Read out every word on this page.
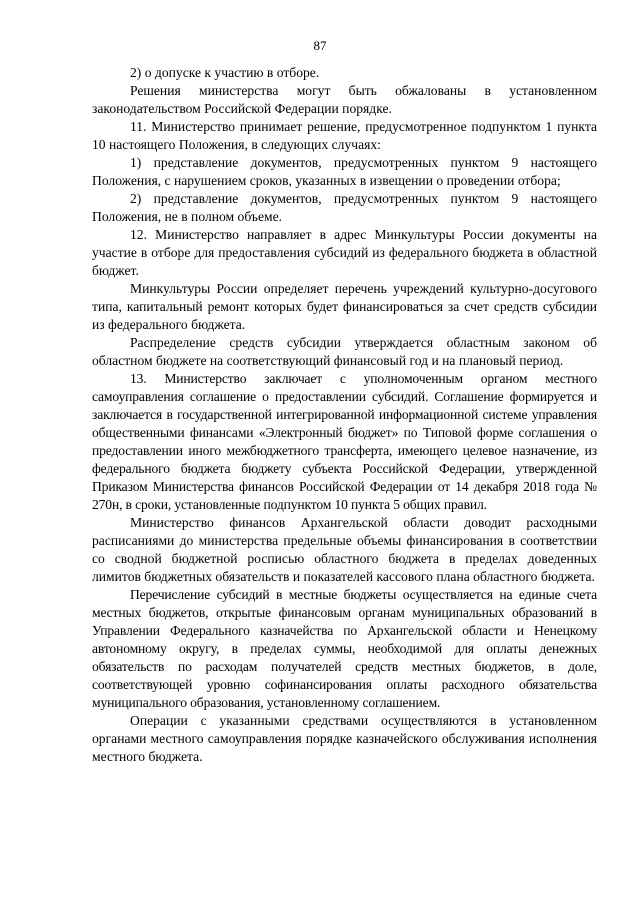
87

2) о допуске к участию в отборе.

Решения министерства могут быть обжалованы в установленном законодательством Российской Федерации порядке.

11. Министерство принимает решение, предусмотренное подпунктом 1 пункта 10 настоящего Положения, в следующих случаях:

1) представление документов, предусмотренных пунктом 9 настоящего Положения, с нарушением сроков, указанных в извещении о проведении отбора;

2) представление документов, предусмотренных пунктом 9 настоящего Положения, не в полном объеме.

12. Министерство направляет в адрес Минкультуры России документы на участие в отборе для предоставления субсидий из федерального бюджета в областной бюджет.

Минкультуры России определяет перечень учреждений культурно-досугового типа, капитальный ремонт которых будет финансироваться за счет средств субсидии из федерального бюджета.

Распределение средств субсидии утверждается областным законом об областном бюджете на соответствующий финансовый год и на плановый период.

13. Министерство заключает с уполномоченным органом местного самоуправления соглашение о предоставлении субсидий. Соглашение формируется и заключается в государственной интегрированной информационной системе управления общественными финансами «Электронный бюджет» по Типовой форме соглашения о предоставлении иного межбюджетного трансферта, имеющего целевое назначение, из федерального бюджета бюджету субъекта Российской Федерации, утвержденной Приказом Министерства финансов Российской Федерации от 14 декабря 2018 года № 270н, в сроки, установленные подпунктом 10 пункта 5 общих правил.

Министерство финансов Архангельской области доводит расходными расписаниями до министерства предельные объемы финансирования в соответствии со сводной бюджетной росписью областного бюджета в пределах доведенных лимитов бюджетных обязательств и показателей кассового плана областного бюджета.

Перечисление субсидий в местные бюджеты осуществляется на единые счета местных бюджетов, открытые финансовым органам муниципальных образований в Управлении Федерального казначейства по Архангельской области и Ненецкому автономному округу, в пределах суммы, необходимой для оплаты денежных обязательств по расходам получателей средств местных бюджетов, в доле, соответствующей уровню софинансирования оплаты расходного обязательства муниципального образования, установленному соглашением.

Операции с указанными средствами осуществляются в установленном органами местного самоуправления порядке казначейского обслуживания исполнения местного бюджета.
